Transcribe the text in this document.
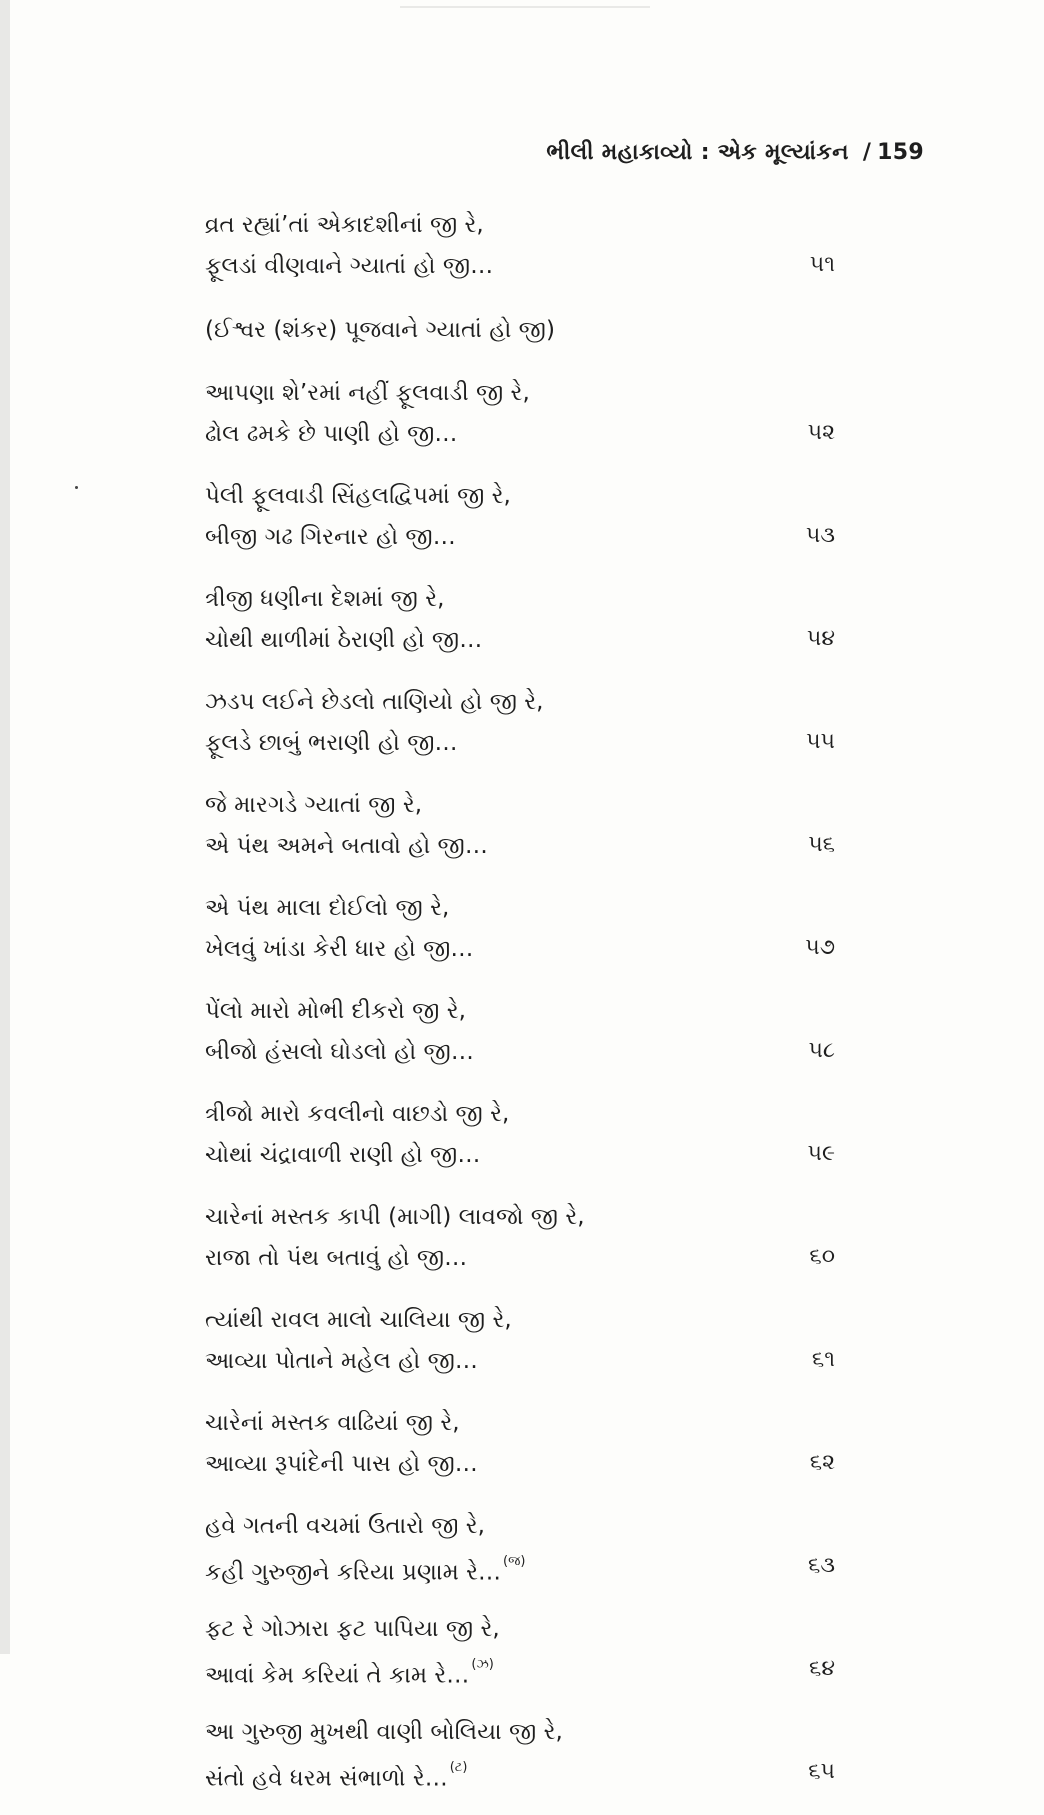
ભીલી મહાકાવ્યો : એક મૂલ્યાંકન / 159
વ્રત રહ્યાં’તાં એકાદશીનાં જી રે,
ફૂલડાં વીણવાને ગ્યાતાં હો જી…	૫૧
(ઈશ્વર (શંકર) પૂજવાને ગ્યાતાં હો જી)
આપણા શે’રમાં નહીં ફૂલવાડી જી રે,
ઢોલ ઢમકે છે પાણી હો જી…	૫૨
પેલી ફૂલવાડી સિંહલદ્વિપમાં જી રે,
બીજી ગઢ ગિરનાર હો જી…	૫૩
ત્રીજી ધણીના દેશમાં જી રે,
ચોથી થાળીમાં ઠેરાણી હો જી…	૫૪
ઝડપ લઈને છેડલો તાણિયો હો જી રે,
ફૂલડે છાબું ભરાણી હો જી…	૫૫
જે મારગડે ગ્યાતાં જી રે,
એ પંથ અમને બતાવો હો જી…	૫૬
એ પંથ માલા દોઈલો જી રે,
ખેલવું ખાંડા કેરી ધાર હો જી…	૫૭
પેંલો મારો મોભી દીકરો જી રે,
બીજો હંસલો ઘોડલો હો જી…	૫૮
ત્રીજો મારો કવલીનો વાછડો જી રે,
ચોથાં ચંદ્રાવાળી રાણી હો જી…	૫૯
ચારેનાં મસ્તક કાપી (માગી) લાવજો જી રે,
રાજા તો પંથ બતાવું હો જી…	૬૦
ત્યાંથી રાવલ માલો ચાલિયા જી રે,
આવ્યા પોતાને મહેલ હો જી…	૬૧
ચારેનાં મસ્તક વાઢિયાં જી રે,
આવ્યા રૂપાંદેની પાસ હો જી…	૬૨
હવે ગતની વચમાં ઉતારો જી રે,
કહી ગુરુજીને કરિયા પ્રણામ રે… $^{(જ)}$	૬૩
ફટ રે ગોઝારા ફટ પાપિયા જી રે,
આવાં કેમ કરિયાં તે કામ રે… $^{(ઝ)}$	૬૪
આ ગુરુજી મુખથી વાણી બોલિયા જી રે,
સંતો હવે ધરમ સંભાળો રે… $^{(ટ)}$	૬૫
